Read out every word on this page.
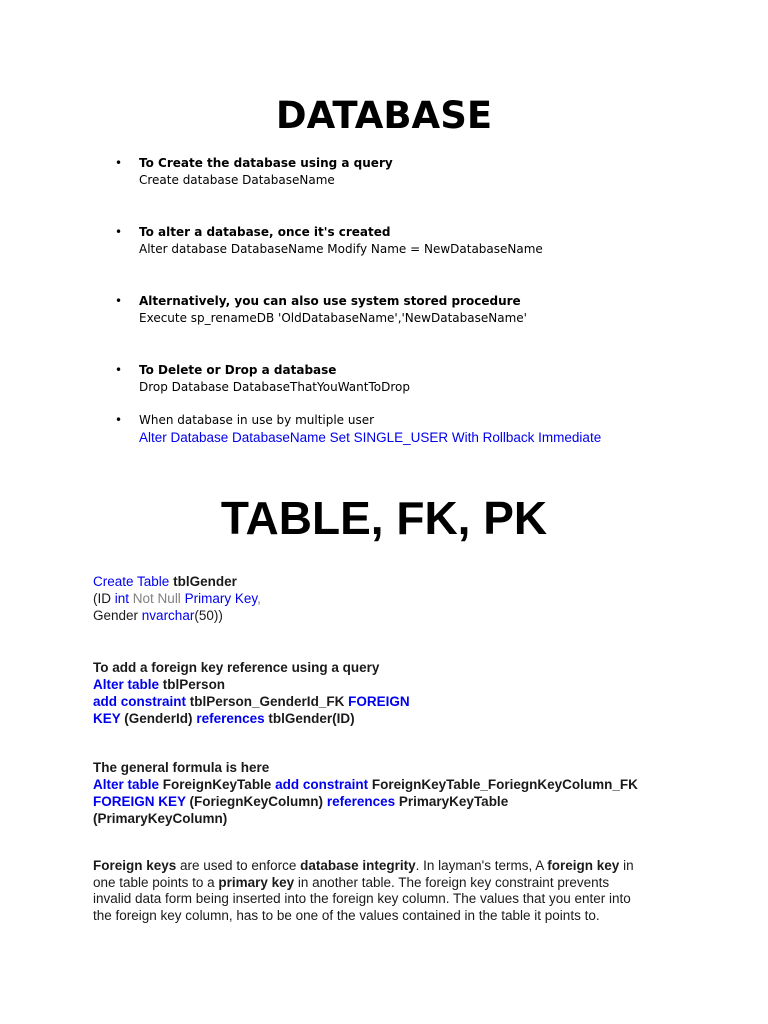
DATABASE
• To Create the database using a query
Create database DatabaseName
• To alter a database, once it's created
Alter database DatabaseName Modify Name = NewDatabaseName
• Alternatively, you can also use system stored procedure
Execute sp_renameDB 'OldDatabaseName','NewDatabaseName'
• To Delete or Drop a database
Drop Database DatabaseThatYouWantToDrop
• When database in use by multiple user
Alter Database DatabaseName Set SINGLE_USER With Rollback Immediate
TABLE, FK, PK
Create Table tblGender
(ID int Not Null Primary Key,
Gender nvarchar(50))
To add a foreign key reference using a query
Alter table tblPerson
add constraint tblPerson_GenderId_FK FOREIGN
KEY (GenderId) references tblGender(ID)
The general formula is here
Alter table ForeignKeyTable add constraint ForeignKeyTable_ForiegnKeyColumn_FK
FOREIGN KEY (ForiegnKeyColumn) references PrimaryKeyTable
(PrimaryKeyColumn)
Foreign keys are used to enforce database integrity. In layman's terms, A foreign key in
one table points to a primary key in another table. The foreign key constraint prevents
invalid data form being inserted into the foreign key column. The values that you enter into
the foreign key column, has to be one of the values contained in the table it points to.
